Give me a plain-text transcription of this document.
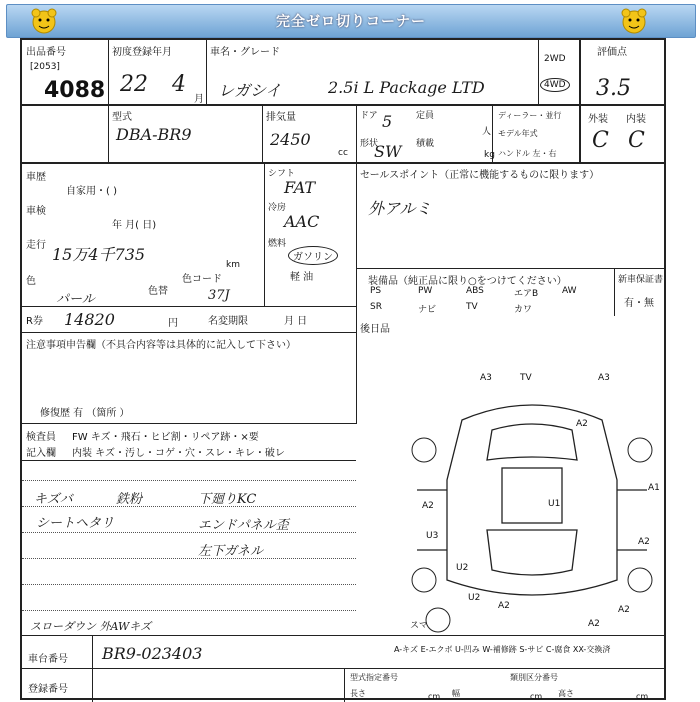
完全ゼロ切りコーナー
出品番号
[2053]
4088
初度登録年月
22 4
月
車名・グレード
レガシイ	2.5i L Package LTD
2WD
4WD
評価点
3.5
型式
DBA-BR9
排気量
2450
cc
ドア 5
形状
SW
定員
人
積載
kg
ディーラー・並行
モデル年式
ハンドル 左・右
外装 内装
C C
車歴
自家用・( )
車検
年 月( 日)
走行 15万4千735
km
色
パール
色替
色コード
37J
R券 14820	円	名変期限	月 日
シフト
FAT
冷房
AAC
燃料
ガソリン
軽 油
セールスポイント（正常に機能するものに限ります）
外アルミ
装備品（純正品に限り○をつけてください）	新車保証書
PS	PW	ABS	エアB	AW
SR	ナビ	TV	カワ
有・無
後日品
注意事項申告欄（不具合内容等は具体的に記入して下さい）
修復歴 有 （箇所 ）
検査員
記入欄
FW キズ・飛石・ヒビ割・リペア跡・×要
内装 キズ・汚し・コゲ・穴・スレ・キレ・破レ
キズバ	鉄粉
シートヘタリ
下廻りKC
エンドパネル歪
左下ガネル
スローダウン 外AWキズ
A3	TV	A3
A2
A2
A2
U1
A1
U3
A2
U2
U2
A2
A2
スマ
A-キズ E-エクボ U-凹み W-補修跡 S-サビ C-腐食 XX-交換済
車台番号 BR9-023403
登録番号
型式指定番号	類別区分番号
長さ	幅	高さ
cm	cm	cm
